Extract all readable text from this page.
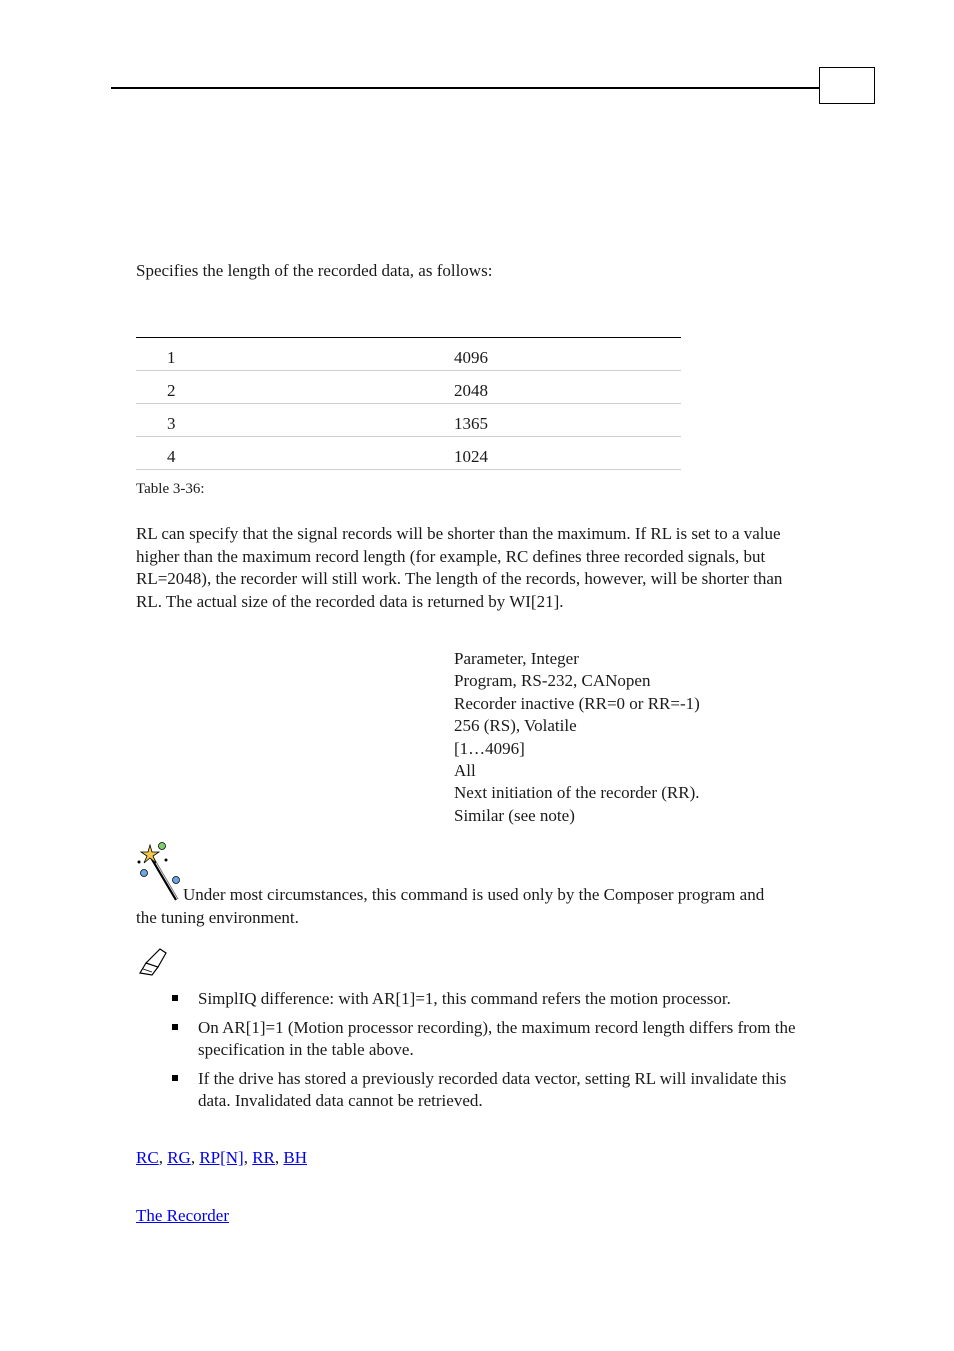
Specifies the length of the recorded data, as follows:
1	4096
2	2048
3	1365
4	1024
Table 3-36:
RL can specify that the signal records will be shorter than the maximum. If RL is set to a value higher than the maximum record length (for example, RC defines three recorded signals, but RL=2048), the recorder will still work. The length of the records, however, will be shorter than RL. The actual size of the recorded data is returned by WI[21].
Parameter, Integer
Program, RS-232, CANopen
Recorder inactive (RR=0 or RR=-1)
256 (RS), Volatile
[1…4096]
All
Next initiation of the recorder (RR).
Similar (see note)
Under most circumstances, this command is used only by the Composer program and the tuning environment.
SimplIQ difference: with AR[1]=1, this command refers the motion processor.
On AR[1]=1 (Motion processor recording), the maximum record length differs from the specification in the table above.
If the drive has stored a previously recorded data vector, setting RL will invalidate this data. Invalidated data cannot be retrieved.
RC, RG, RP[N], RR, BH
The Recorder
